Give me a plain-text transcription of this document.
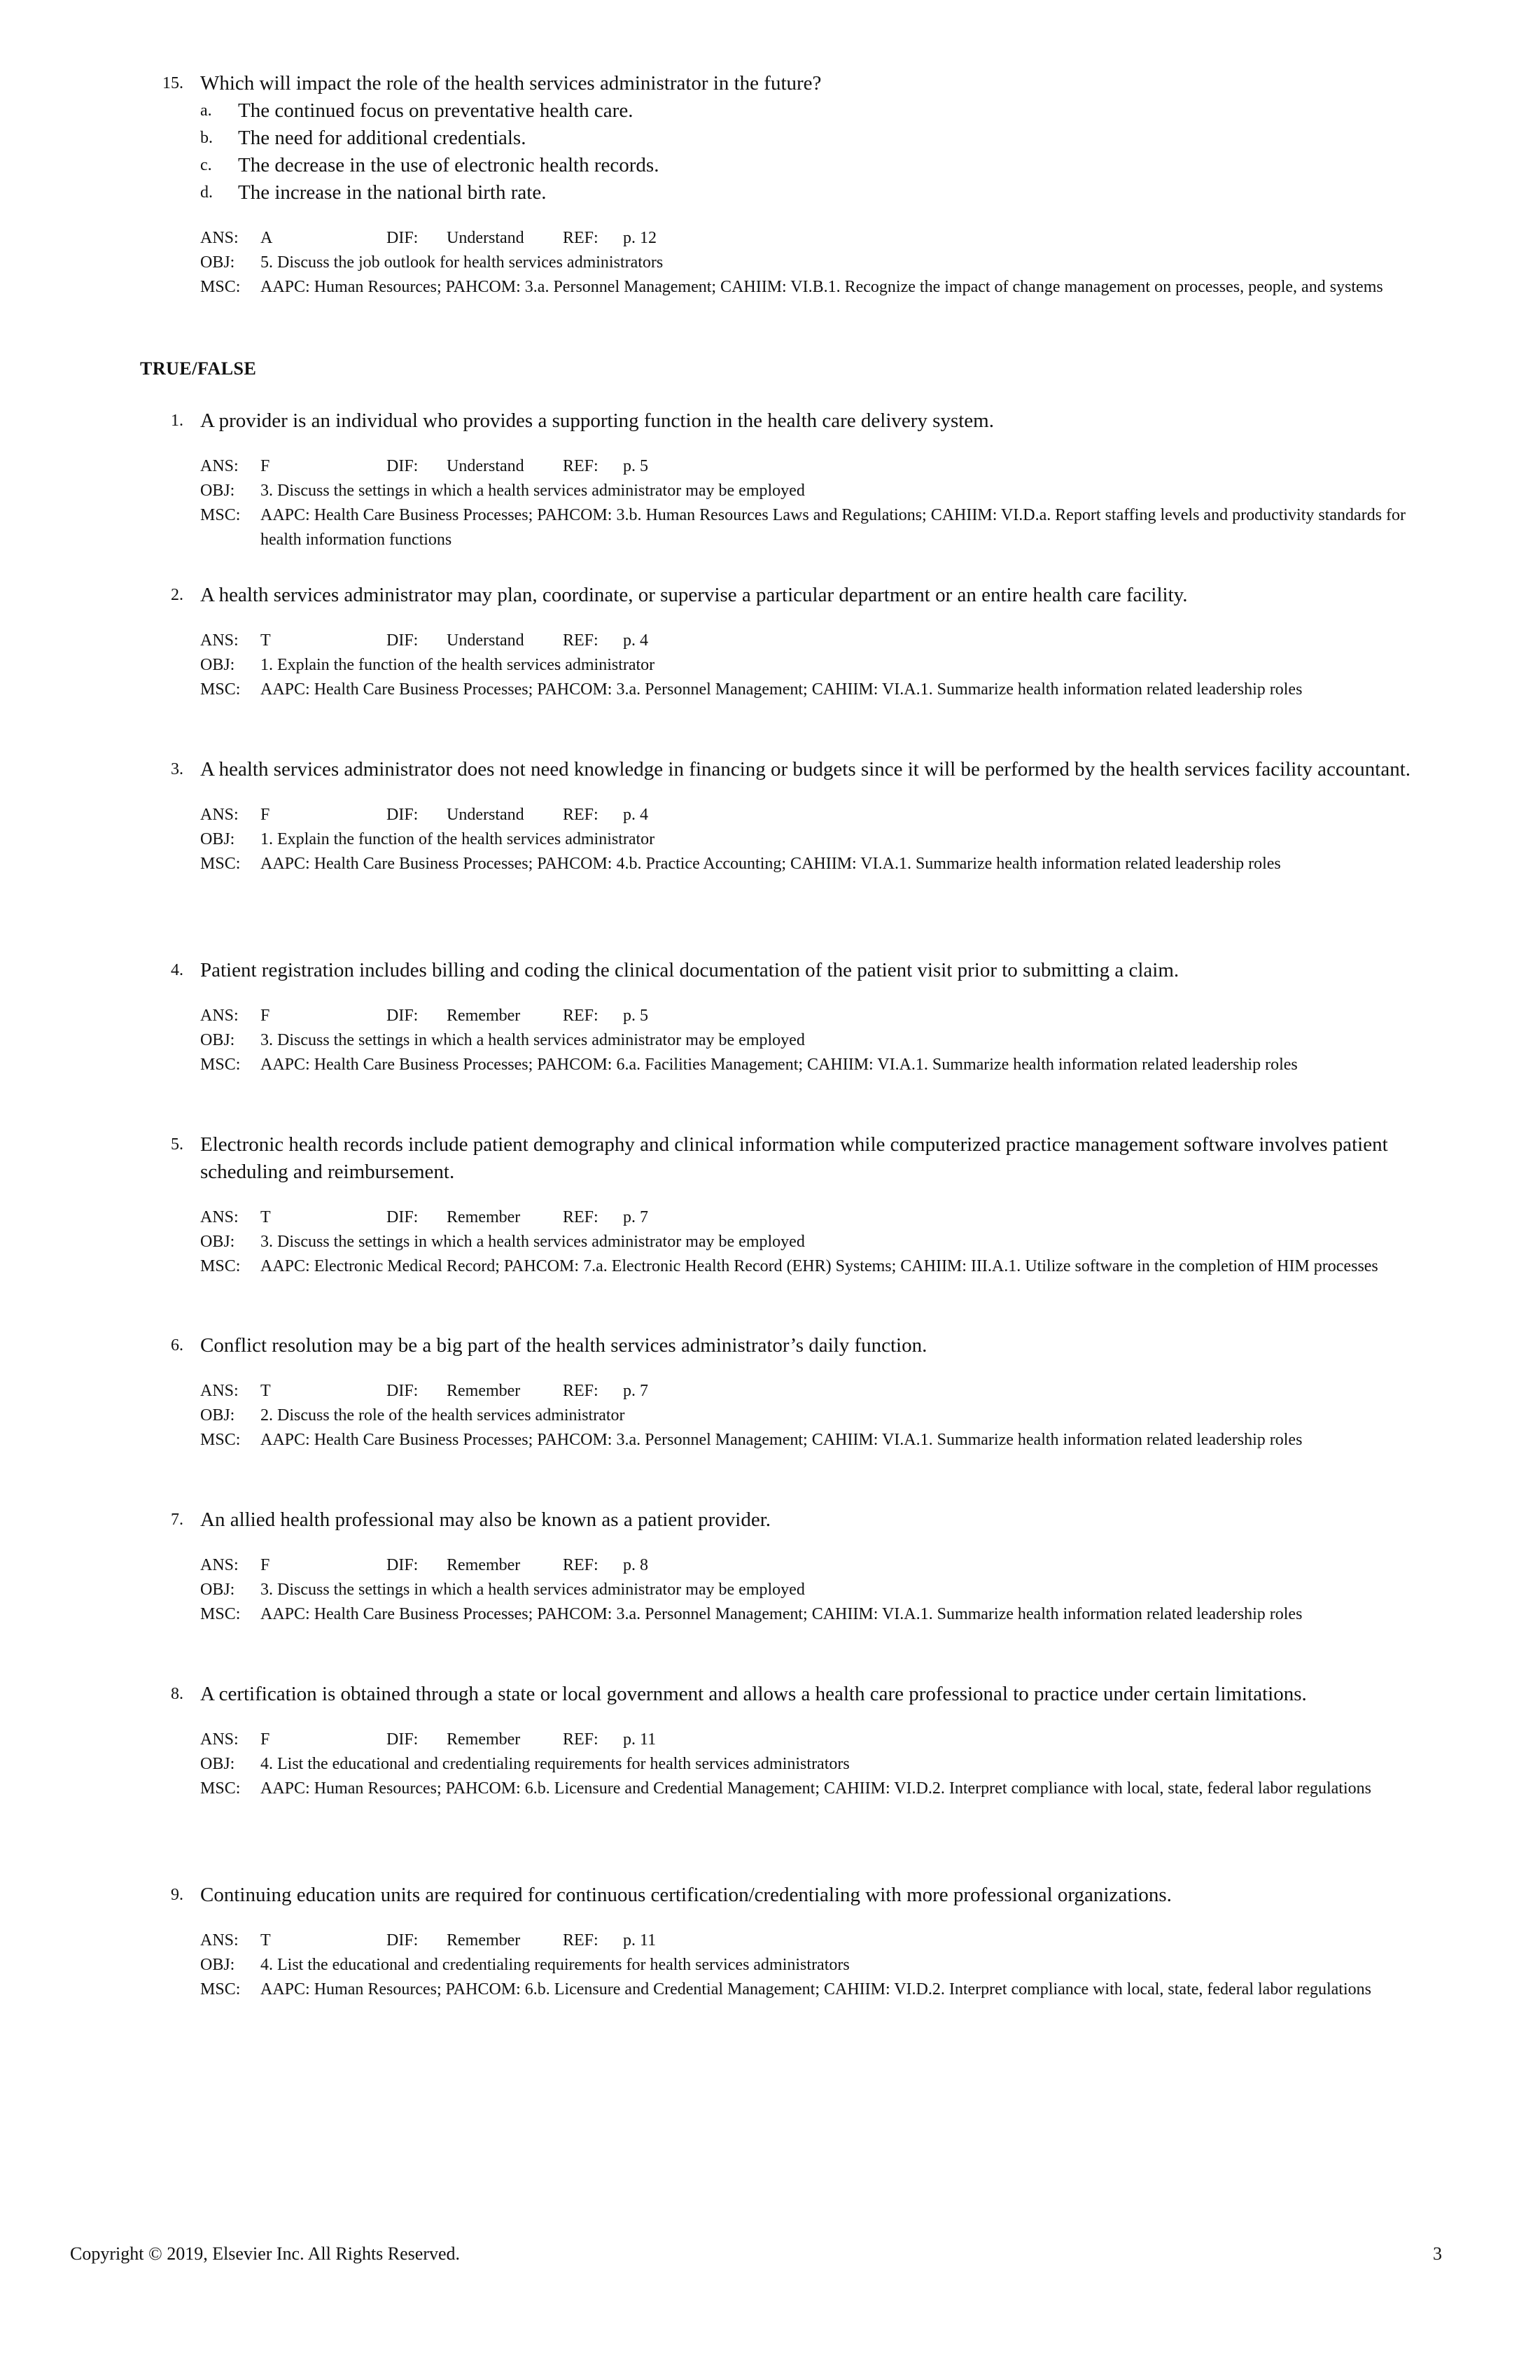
15. Which will impact the role of the health services administrator in the future?
a. The continued focus on preventative health care.
b. The need for additional credentials.
c. The decrease in the use of electronic health records.
d. The increase in the national birth rate.
ANS: A	DIF: Understand REF: p. 12
OBJ: 5. Discuss the job outlook for health services administrators
MSC: AAPC: Human Resources; PAHCOM: 3.a. Personnel Management; CAHIIM: VI.B.1. Recognize the impact of change management on processes, people, and systems
TRUE/FALSE
1. A provider is an individual who provides a supporting function in the health care delivery system.
ANS: F	DIF: Understand REF: p. 5
OBJ: 3. Discuss the settings in which a health services administrator may be employed
MSC: AAPC: Health Care Business Processes; PAHCOM: 3.b. Human Resources Laws and Regulations; CAHIIM: VI.D.a. Report staffing levels and productivity standards for health information functions
2. A health services administrator may plan, coordinate, or supervise a particular department or an entire health care facility.
ANS: T	DIF: Understand REF: p. 4
OBJ: 1. Explain the function of the health services administrator
MSC: AAPC: Health Care Business Processes; PAHCOM: 3.a. Personnel Management; CAHIIM: VI.A.1. Summarize health information related leadership roles
3. A health services administrator does not need knowledge in financing or budgets since it will be performed by the health services facility accountant.
ANS: F	DIF: Understand REF: p. 4
OBJ: 1. Explain the function of the health services administrator
MSC: AAPC: Health Care Business Processes; PAHCOM: 4.b. Practice Accounting; CAHIIM: VI.A.1. Summarize health information related leadership roles
4. Patient registration includes billing and coding the clinical documentation of the patient visit prior to submitting a claim.
ANS: F	DIF: Remember	REF: p. 5
OBJ: 3. Discuss the settings in which a health services administrator may be employed
MSC: AAPC: Health Care Business Processes; PAHCOM: 6.a. Facilities Management; CAHIIM: VI.A.1. Summarize health information related leadership roles
5. Electronic health records include patient demography and clinical information while computerized practice management software involves patient scheduling and reimbursement.
ANS: T	DIF: Remember	REF: p. 7
OBJ: 3. Discuss the settings in which a health services administrator may be employed
MSC: AAPC: Electronic Medical Record; PAHCOM: 7.a. Electronic Health Record (EHR) Systems; CAHIIM: III.A.1. Utilize software in the completion of HIM processes
6. Conflict resolution may be a big part of the health services administrator’s daily function.
ANS: T	DIF: Remember	REF: p. 7
OBJ: 2. Discuss the role of the health services administrator
MSC: AAPC: Health Care Business Processes; PAHCOM: 3.a. Personnel Management; CAHIIM: VI.A.1. Summarize health information related leadership roles
7. An allied health professional may also be known as a patient provider.
ANS: F	DIF: Remember	REF: p. 8
OBJ: 3. Discuss the settings in which a health services administrator may be employed
MSC: AAPC: Health Care Business Processes; PAHCOM: 3.a. Personnel Management; CAHIIM: VI.A.1. Summarize health information related leadership roles
8. A certification is obtained through a state or local government and allows a health care professional to practice under certain limitations.
ANS: F	DIF: Remember	REF: p. 11
OBJ: 4. List the educational and credentialing requirements for health services administrators
MSC: AAPC: Human Resources; PAHCOM: 6.b. Licensure and Credential Management; CAHIIM: VI.D.2. Interpret compliance with local, state, federal labor regulations
9. Continuing education units are required for continuous certification/credentialing with more professional organizations.
ANS: T	DIF: Remember	REF: p. 11
OBJ: 4. List the educational and credentialing requirements for health services administrators
MSC: AAPC: Human Resources; PAHCOM: 6.b. Licensure and Credential Management; CAHIIM: VI.D.2. Interpret compliance with local, state, federal labor regulations
Copyright © 2019, Elsevier Inc. All Rights Reserved.	3
